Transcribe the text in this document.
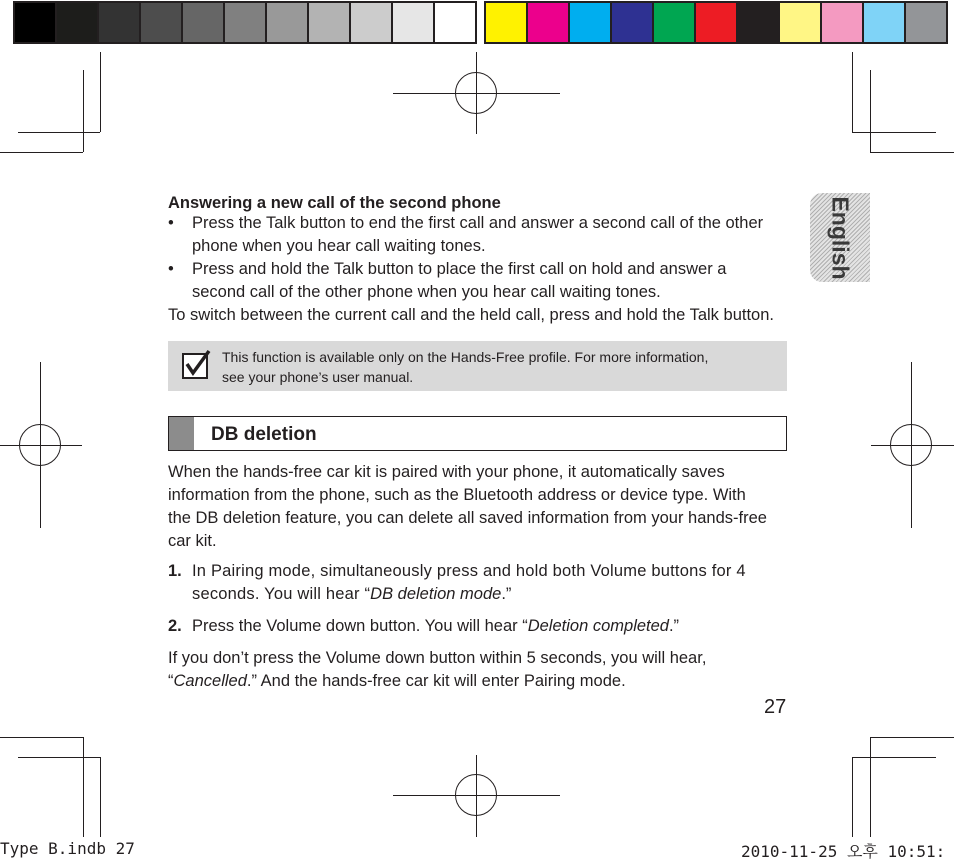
English
Answering a new call of the second phone
• Press the Talk button to end the first call and answer a second call of the other phone when you hear call waiting tones.
• Press and hold the Talk button to place the first call on hold and answer a second call of the other phone when you hear call waiting tones.
To switch between the current call and the held call, press and hold the Talk button.
This function is available only on the Hands-Free profile. For more information,
see your phone’s user manual.
DB deletion
When the hands-free car kit is paired with your phone, it automatically saves information from the phone, such as the Bluetooth address or device type. With the DB deletion feature, you can delete all saved information from your hands-free car kit.
1. In Pairing mode, simultaneously press and hold both Volume buttons for 4 seconds. You will hear “DB deletion mode.”
2. Press the Volume down button. You will hear “Deletion completed.”
If you don’t press the Volume down button within 5 seconds, you will hear,
“Cancelled.” And the hands-free car kit will enter Pairing mode.
27
Type B.indb 27	2010-11-25 오후 10:51:
